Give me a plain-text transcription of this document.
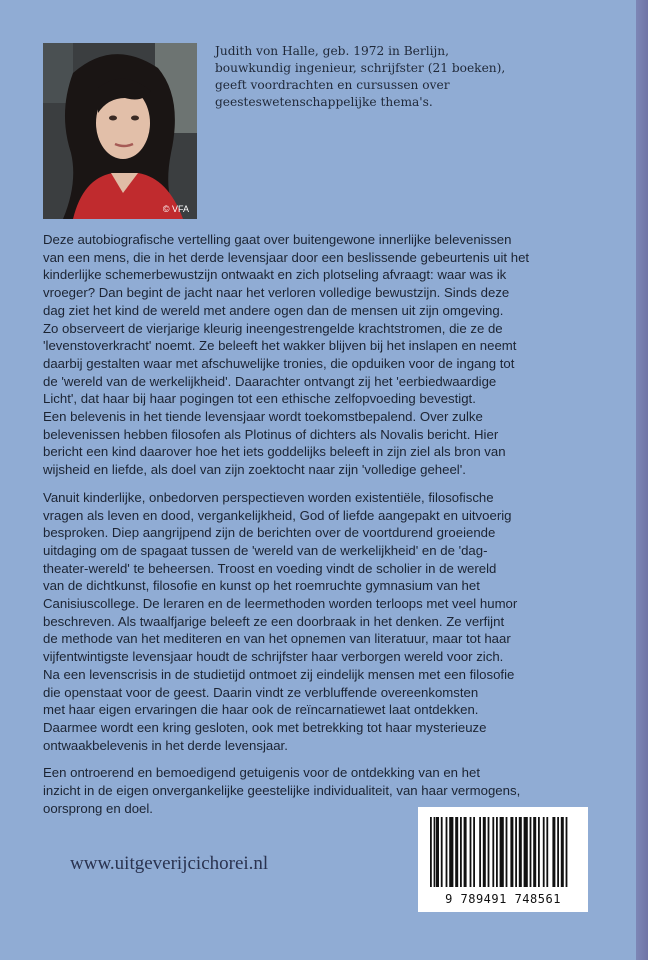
© VFA

Judith von Halle, geb. 1972 in Berlijn,
bouwkundig ingenieur, schrijfster (21 boeken),
geeft voordrachten en cursussen over
geesteswetenschappelijke thema's.

Deze autobiografische vertelling gaat over buitengewone innerlijke belevenissen
van een mens, die in het derde levensjaar door een beslissende gebeurtenis uit het
kinderlijke schemerbewustzijn ontwaakt en zich plotseling afvraagt: waar was ik
vroeger? Dan begint de jacht naar het verloren volledige bewustzijn. Sinds deze
dag ziet het kind de wereld met andere ogen dan de mensen uit zijn omgeving.
Zo observeert de vierjarige kleurig ineengestrengelde krachtstromen, die ze de
'levenstoverkracht' noemt. Ze beleeft het wakker blijven bij het inslapen en neemt
daarbij gestalten waar met afschuwelijke tronies, die opduiken voor de ingang tot
de 'wereld van de werkelijkheid'. Daarachter ontvangt zij het 'eerbiedwaardige
Licht', dat haar bij haar pogingen tot een ethische zelfopvoeding bevestigt.
Een belevenis in het tiende levensjaar wordt toekomstbepalend. Over zulke
belevenissen hebben filosofen als Plotinus of dichters als Novalis bericht. Hier
bericht een kind daarover hoe het iets goddelijks beleeft in zijn ziel als bron van
wijsheid en liefde, als doel van zijn zoektocht naar zijn 'volledige geheel'.

Vanuit kinderlijke, onbedorven perspectieven worden existentiële, filosofische
vragen als leven en dood, vergankelijkheid, God of liefde aangepakt en uitvoerig
besproken. Diep aangrijpend zijn de berichten over de voortdurend groeiende
uitdaging om de spagaat tussen de 'wereld van de werkelijkheid' en de 'dag-
theater-wereld' te beheersen. Troost en voeding vindt de scholier in de wereld
van de dichtkunst, filosofie en kunst op het roemruchte gymnasium van het
Canisiuscollege. De leraren en de leermethoden worden terloops met veel humor
beschreven. Als twaalfjarige beleeft ze een doorbraak in het denken. Ze verfijnt
de methode van het mediteren en van het opnemen van literatuur, maar tot haar
vijfentwintigste levensjaar houdt de schrijfster haar verborgen wereld voor zich.
Na een levenscrisis in de studietijd ontmoet zij eindelijk mensen met een filosofie
die openstaat voor de geest. Daarin vindt ze verbluffende overeenkomsten
met haar eigen ervaringen die haar ook de reïncarnatiewet laat ontdekken.
Daarmee wordt een kring gesloten, ook met betrekking tot haar mysterieuze
ontwaakbelevenis in het derde levensjaar.

Een ontroerend en bemoedigend getuigenis voor de ontdekking van en het
inzicht in de eigen onvergankelijke geestelijke individualiteit, van haar vermogens,
oorsprong en doel.

www.uitgeverijcichorei.nl
9 789491 748561
